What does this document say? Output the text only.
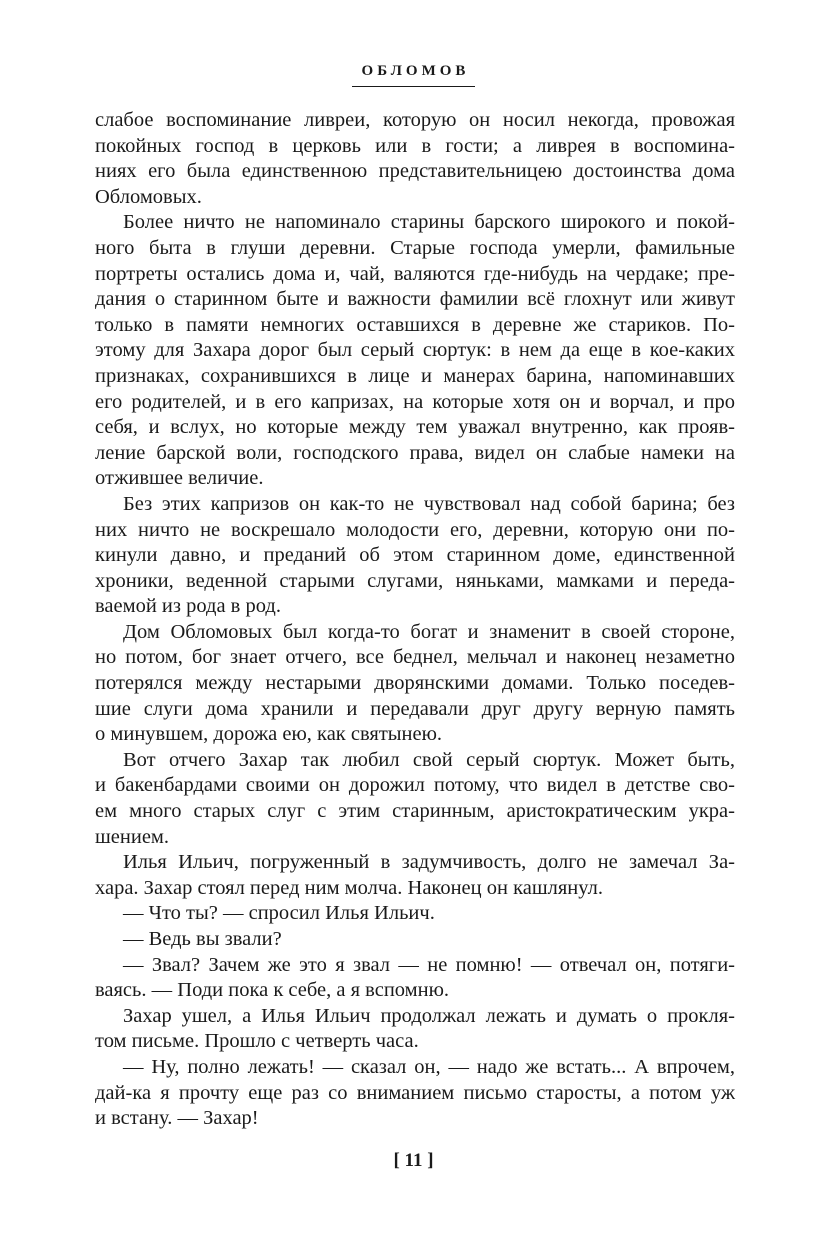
ОБЛОМОВ
слабое воспоминание ливреи, которую он носил некогда, провожая
покойных господ в церковь или в гости; а ливрея в воспомина-
ниях его была единственною представительницею достоинства дома
Обломовых.
Более ничто не напоминало старины барского широкого и покой-
ного быта в глуши деревни. Старые господа умерли, фамильные
портреты остались дома и, чай, валяются где-нибудь на чердаке; пре-
дания о старинном быте и важности фамилии всё глохнут или живут
только в памяти немногих оставшихся в деревне же стариков. По-
этому для Захара дорог был серый сюртук: в нем да еще в кое-каких
признаках, сохранившихся в лице и манерах барина, напоминавших
его родителей, и в его капризах, на которые хотя он и ворчал, и про
себя, и вслух, но которые между тем уважал внутренно, как прояв-
ление барской воли, господского права, видел он слабые намеки на
отжившее величие.
Без этих капризов он как-то не чувствовал над собой барина; без
них ничто не воскрешало молодости его, деревни, которую они по-
кинули давно, и преданий об этом старинном доме, единственной
хроники, веденной старыми слугами, няньками, мамками и переда-
ваемой из рода в род.
Дом Обломовых был когда-то богат и знаменит в своей стороне,
но потом, бог знает отчего, все беднел, мельчал и наконец незаметно
потерялся между нестарыми дворянскими домами. Только поседев-
шие слуги дома хранили и передавали друг другу верную память
о минувшем, дорожа ею, как святынею.
Вот отчего Захар так любил свой серый сюртук. Может быть,
и бакенбардами своими он дорожил потому, что видел в детстве сво-
ем много старых слуг с этим старинным, аристократическим укра-
шением.
Илья Ильич, погруженный в задумчивость, долго не замечал За-
хара. Захар стоял перед ним молча. Наконец он кашлянул.
— Что ты? — спросил Илья Ильич.
— Ведь вы звали?
— Звал? Зачем же это я звал — не помню! — отвечал он, потяги-
ваясь. — Поди пока к себе, а я вспомню.
Захар ушел, а Илья Ильич продолжал лежать и думать о прокля-
том письме. Прошло с четверть часа.
— Ну, полно лежать! — сказал он, — надо же встать... А впрочем,
дай-ка я прочту еще раз со вниманием письмо старосты, а потом уж
и встану. — Захар!
[ 11 ]
